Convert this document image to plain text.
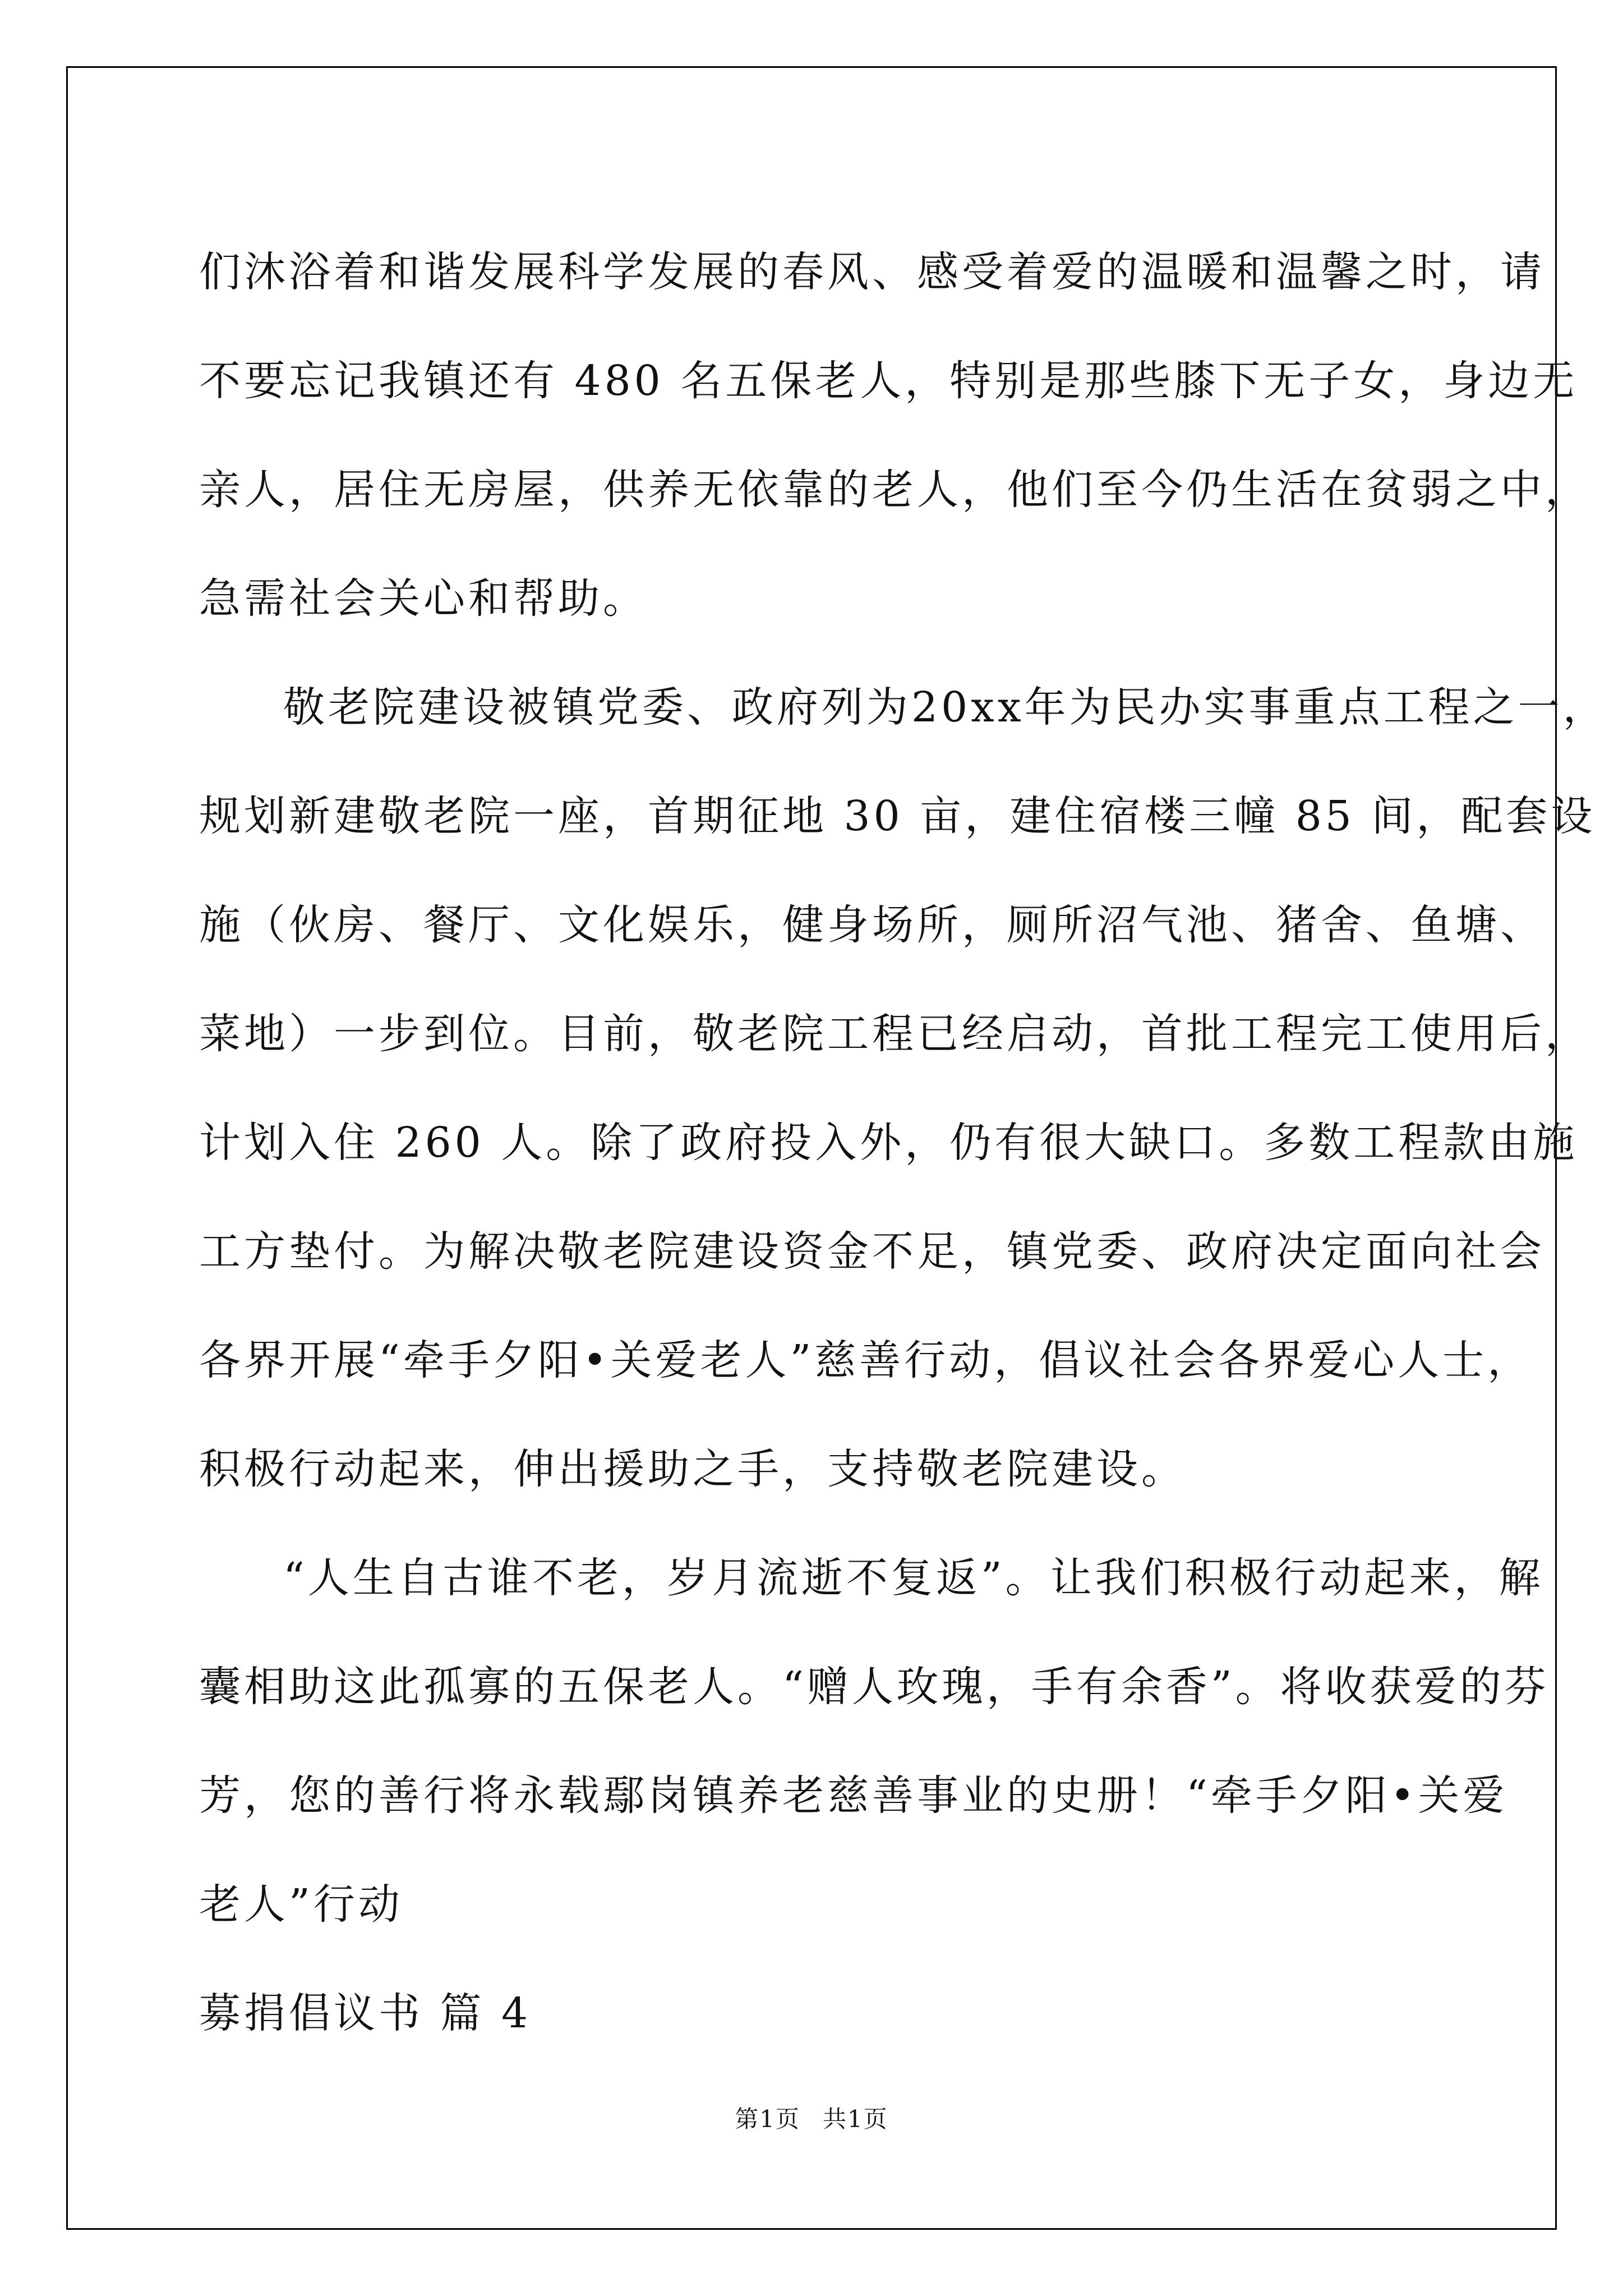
们沐浴着和谐发展科学发展的春风、感受着爱的温暖和温馨之时，请
不要忘记我镇还有 480 名五保老人，特别是那些膝下无子女，身边无
亲人，居住无房屋，供养无依靠的老人，他们至今仍生活在贫弱之中，
急需社会关心和帮助。

敬老院建设被镇党委、政府列为20xx年为民办实事重点工程之一，
规划新建敬老院一座，首期征地 30 亩，建住宿楼三幢 85 间，配套设
施（伙房、餐厅、文化娱乐，健身场所，厕所沼气池、猪舍、鱼塘、
菜地）一步到位。目前，敬老院工程已经启动，首批工程完工使用后，
计划入住 260 人。除了政府投入外，仍有很大缺口。多数工程款由施
工方垫付。为解决敬老院建设资金不足，镇党委、政府决定面向社会
各界开展“牵手夕阳•关爱老人”慈善行动，倡议社会各界爱心人士，
积极行动起来，伸出援助之手，支持敬老院建设。

“人生自古谁不老，岁月流逝不复返”。让我们积极行动起来，解
囊相助这此孤寡的五保老人。“赠人玫瑰，手有余香”。将收获爱的芬
芳，您的善行将永载鄢岗镇养老慈善事业的史册！“牵手夕阳•关爱
老人”行动

募捐倡议书 篇 4

第1页 共1页
